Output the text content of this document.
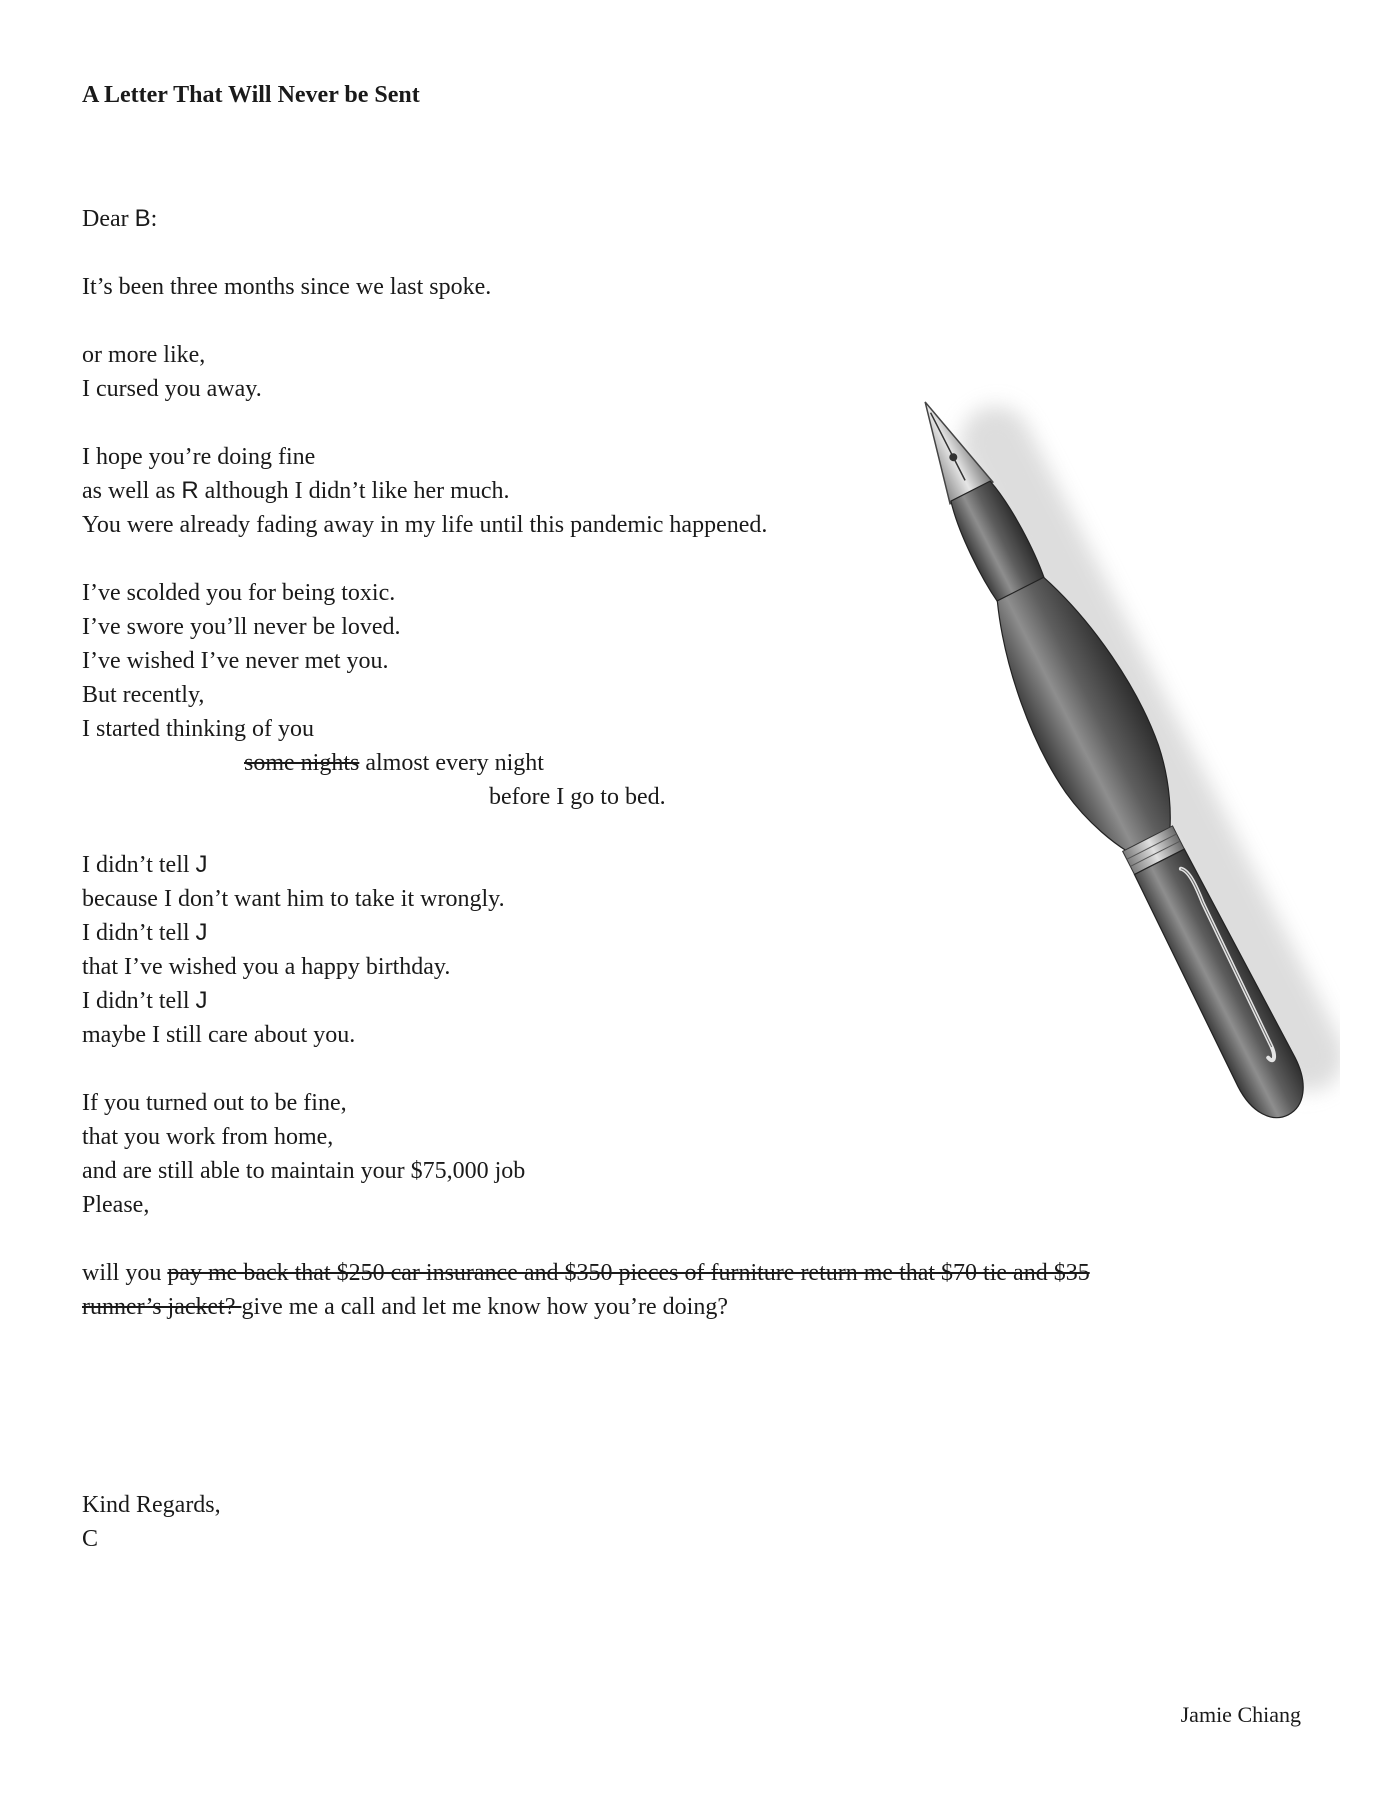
A Letter That Will Never be Sent

Dear B:

It’s been three months since we last spoke.

or more like,

I cursed you away.

I hope you’re doing fine

as well as R although I didn’t like her much.

You were already fading away in my life until this pandemic happened.

I’ve scolded you for being toxic.

I’ve swore you’ll never be loved.

I’ve wished I’ve never met you.

But recently,

I started thinking of you

some nights almost every night

before I go to bed.

I didn’t tell J

because I don’t want him to take it wrongly.

I didn’t tell J

that I’ve wished you a happy birthday.

I didn’t tell J

maybe I still care about you.

If you turned out to be fine,

that you work from home,

and are still able to maintain your $75,000 job

Please,

will you pay me back that $250 car insurance and $350 pieces of furniture return me that $70 tie and $35

runner’s jacket? give me a call and let me know how you’re doing?

Kind Regards,

C

Jamie Chiang
